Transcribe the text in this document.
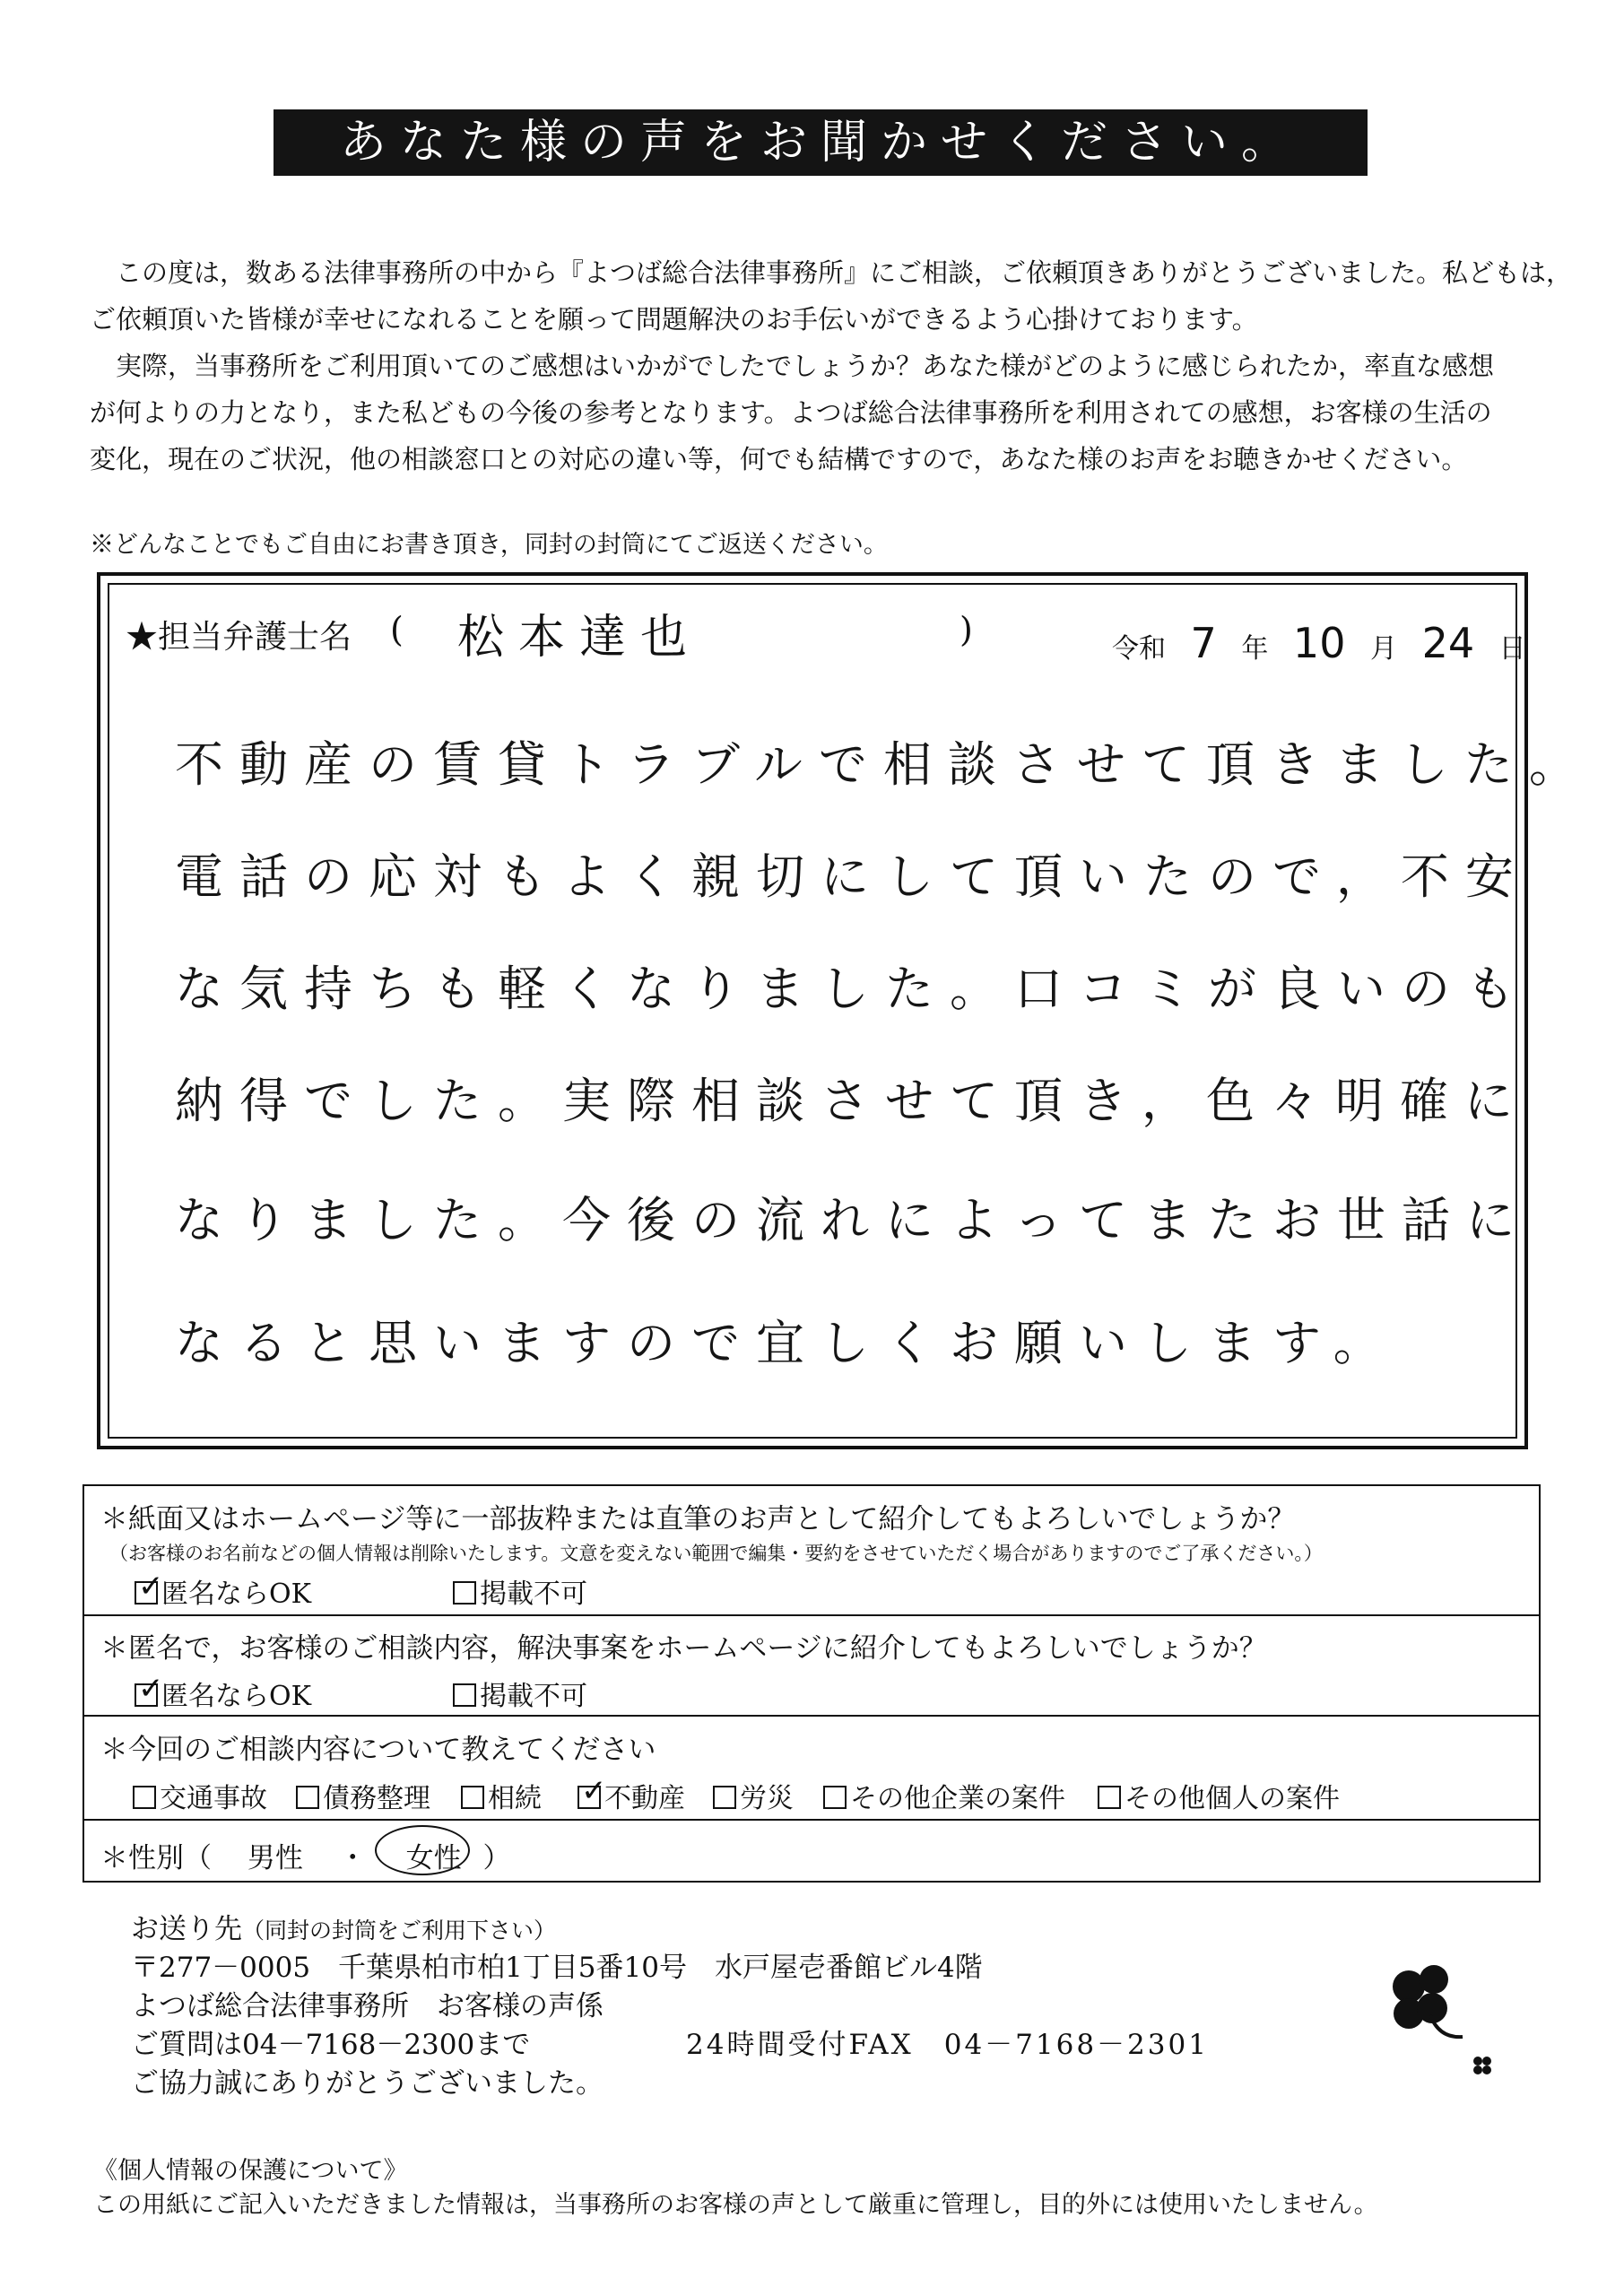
あなた様の声をお聞かせください。
　この度は，数ある法律事務所の中から『よつば総合法律事務所』にご相談，ご依頼頂きありがとうございました。私どもは，
ご依頼頂いた皆様が幸せになれることを願って問題解決のお手伝いができるよう心掛けております。
　実際，当事務所をご利用頂いてのご感想はいかがでしたでしょうか？あなた様がどのように感じられたか，率直な感想
が何よりの力となり，また私どもの今後の参考となります。よつば総合法律事務所を利用されての感想，お客様の生活の
変化，現在のご状況，他の相談窓口との対応の違い等，何でも結構ですので，あなた様のお声をお聴きかせください。
※どんなことでもご自由にお書き頂き，同封の封筒にてご返送ください。
★担当弁護士名 ( 松本達也	)	令和 7 年 10 月 24 日
不動産の賃貸トラブルで相談させて頂きました。
電話の応対もよく親切にして頂いたので，不安
な気持ちも軽くなりました。口コミが良いのも
納得でした。実際相談させて頂き，色々明確に
なりました。今後の流れによってまたお世話に
なると思いますので宜しくお願いします。
＊紙面又はホームページ等に一部抜粋または直筆のお声として紹介してもよろしいでしょうか？
（お客様のお名前などの個人情報は削除いたします。文意を変えない範囲で編集・要約をさせていただく場合がありますのでご了承ください。）
✓匿名ならOK	掲載不可
＊匿名で，お客様のご相談内容，解決事案をホームページに紹介してもよろしいでしょうか？
✓匿名ならOK	掲載不可
＊今回のご相談内容について教えてください
交通事故	債務整理	相続
✓	不動産	労災	その他企業の案件	その他個人の案件
＊性別（ 男性 ・ 女性 ）
お送り先（同封の封筒をご利用下さい）
〒277－0005　千葉県柏市柏1丁目5番10号　水戸屋壱番館ビル4階
よつば総合法律事務所　お客様の声係
ご質問は04－7168－2300まで	24時間受付FAX　04－7168－2301
ご協力誠にありがとうございました。
《個人情報の保護について》
この用紙にご記入いただきました情報は，当事務所のお客様の声として厳重に管理し，目的外には使用いたしません。
